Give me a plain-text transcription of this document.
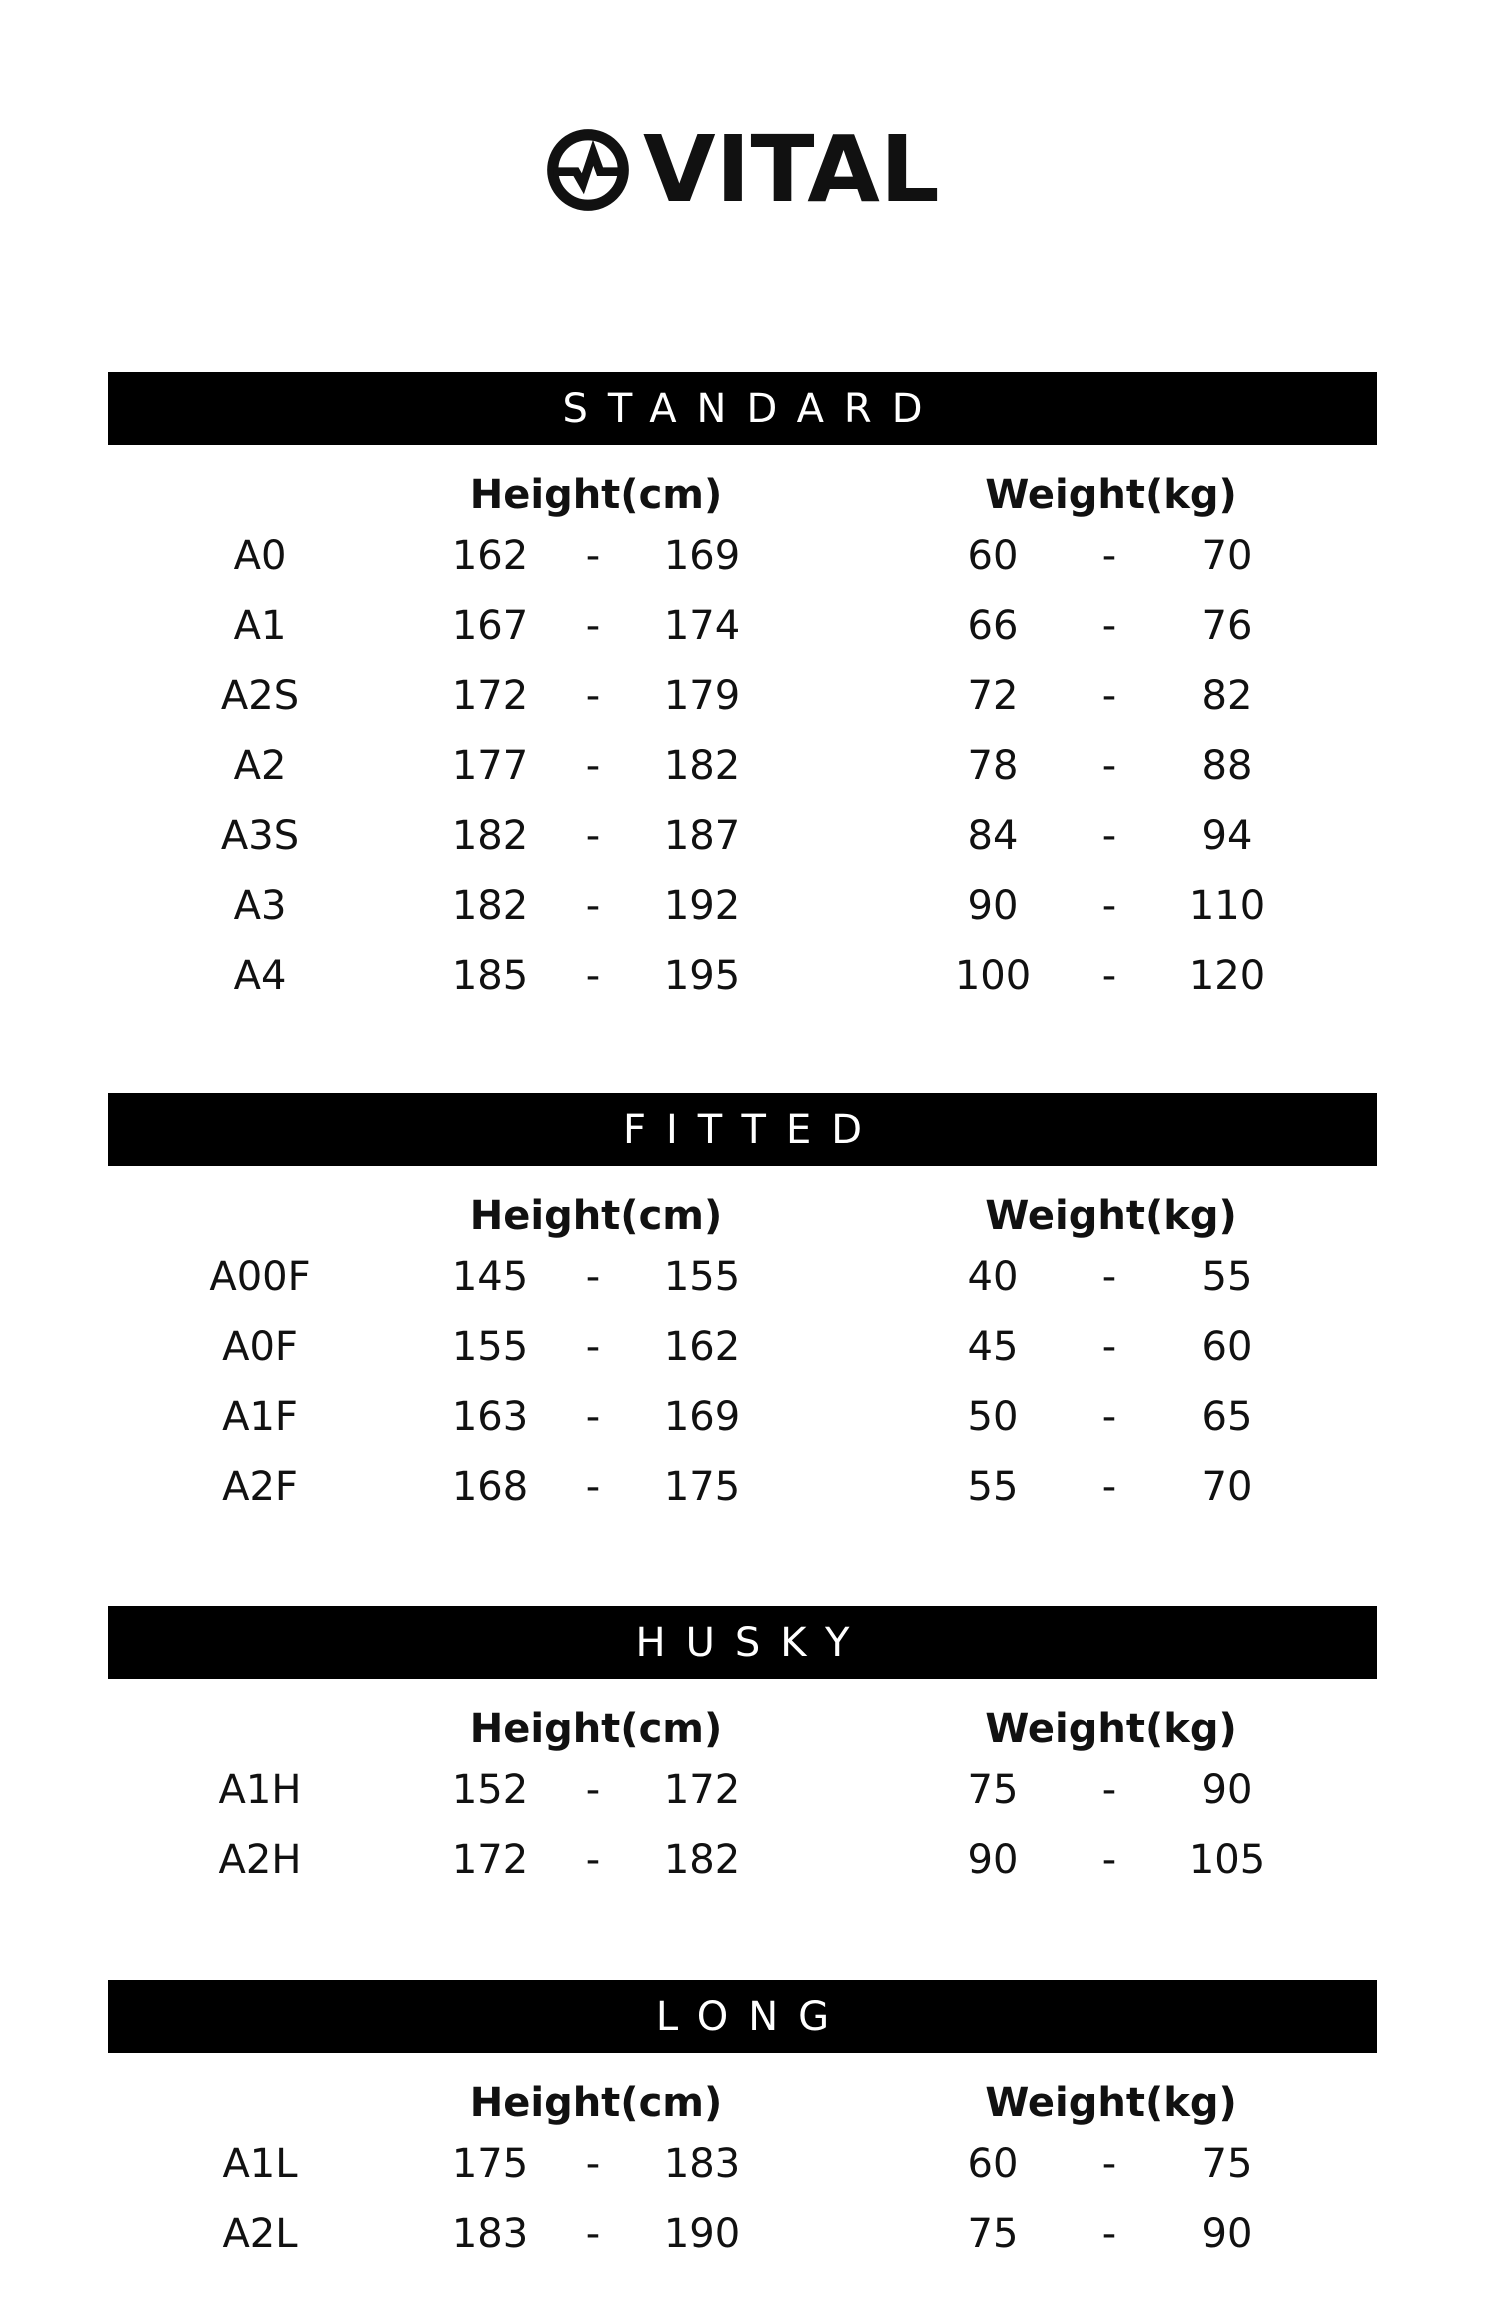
VITAL
STANDARD
Height(cm)	Weight(kg)
A0	162	-	169	60	-	70
A1	167	-	174	66	-	76
A2S	172	-	179	72	-	82
A2	177	-	182	78	-	88
A3S	182	-	187	84	-	94
A3	182	-	192	90	-	110
A4	185	-	195	100	-	120
FITTED
Height(cm)	Weight(kg)
A00F	145	-	155	40	-	55
A0F	155	-	162	45	-	60
A1F	163	-	169	50	-	65
A2F	168	-	175	55	-	70
HUSKY
Height(cm)	Weight(kg)
A1H	152	-	172	75	-	90
A2H	172	-	182	90	-	105
LONG
Height(cm)	Weight(kg)
A1L	175	-	183	60	-	75
A2L	183	-	190	75	-	90
